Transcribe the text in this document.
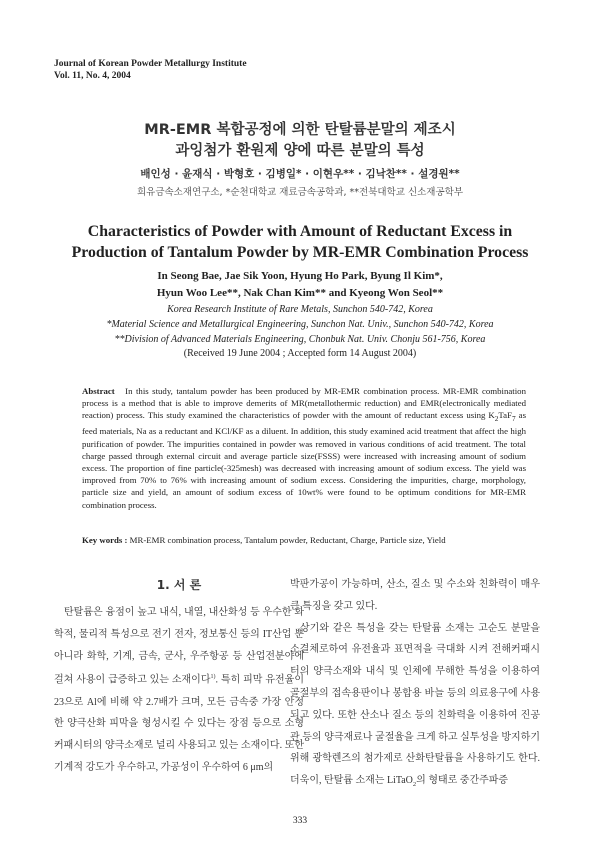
Journal of Korean Powder Metallurgy Institute
Vol. 11, No. 4, 2004
MR-EMR 복합공정에 의한 탄탈륨분말의 제조시
과잉첨가 환원제 양에 따른 분말의 특성
배인성 · 윤재식 · 박형호 · 김병일* · 이현우** · 김낙찬** · 설경원**
희유금속소재연구소, *순천대학교 재료금속공학과, **전북대학교 신소재공학부
Characteristics of Powder with Amount of Reductant Excess in
Production of Tantalum Powder by MR-EMR Combination Process
In Seong Bae, Jae Sik Yoon, Hyung Ho Park, Byung Il Kim*,
Hyun Woo Lee**, Nak Chan Kim** and Kyeong Won Seol**
Korea Research Institute of Rare Metals, Sunchon 540-742, Korea
*Material Science and Metallurgical Engineering, Sunchon Nat. Univ., Sunchon 540-742, Korea
**Division of Advanced Materials Engineering, Chonbuk Nat. Univ. Chonju 561-756, Korea
(Received 19 June 2004 ; Accepted form 14 August 2004)
Abstract In this study, tantalum powder has been produced by MR-EMR combination process. MR-EMR combination process is a method that is able to improve demerits of MR(metallothermic reduction) and EMR(electronically mediated reaction) process. This study examined the characteristics of powder with the amount of reductant excess using $K_2TaF_7$ as feed materials, Na as a reductant and KCl/KF as a diluent. In addition, this study examined acid treatment that affect the high purification of powder. The impurities contained in powder was removed in various conditions of acid treatment. The total charge passed through external circuit and average particle size(FSSS) were increased with increasing amount of sodium excess. The proportion of fine particle(-325mesh) was decreased with increasing amount of sodium excess. The yield was improved from 70% to 76% with increasing amount of sodium excess. Considering the impurities, charge, morphology, particle size and yield, an amount of sodium excess of 10wt% were found to be optimum conditions for MR-EMR combination process.
Key words : MR-EMR combination process, Tantalum powder, Reductant, Charge, Particle size, Yield
1. 서 론

탄탈륨은 융점이 높고 내식, 내열, 내산화성 등 우수한 화학적, 물리적 특성으로 전기 전자, 정보통신 등의 IT산업 뿐 아니라 화학, 기계, 금속, 군사, 우주항공 등 산업전분야에 걸쳐 사용이 급증하고 있는 소재이다$^{1)}$. 특히 피막 유전율이 23으로 Al에 비해 약 2.7배가 크며, 모든 금속중 가장 안정한 양극산화 피막을 형성시킬 수 있다는 장점 등으로 소형 커패시터의 양극소재로 널리 사용되고 있는 소재이다. 또한 기계적 강도가 우수하고, 가공성이 우수하여 6 μm의

박판가공이 가능하며, 산소, 질소 및 수소와 친화력이 매우 큰 특징을 갖고 있다.

상기와 같은 특성을 갖는 탄탈륨 소재는 고순도 분말을 소결체로하여 유전율과 표면적을 극대화 시켜 전해커패시터의 양극소재와 내식 및 인체에 무해한 특성을 이용하여 골절부의 접속용판이나 봉합용 바늘 등의 의료용구에 사용되고 있다. 또한 산소나 질소 등의 친화력을 이용하여 진공관 등의 양극재료나 굴절율을 크게 하고 실투성을 방지하기 위해 광학렌즈의 첨가제로 산화탄탈륨을 사용하기도 한다. 더욱이, 탄탈륨 소재는 LiTaO$_2$의 형태로 중간주파증

333
